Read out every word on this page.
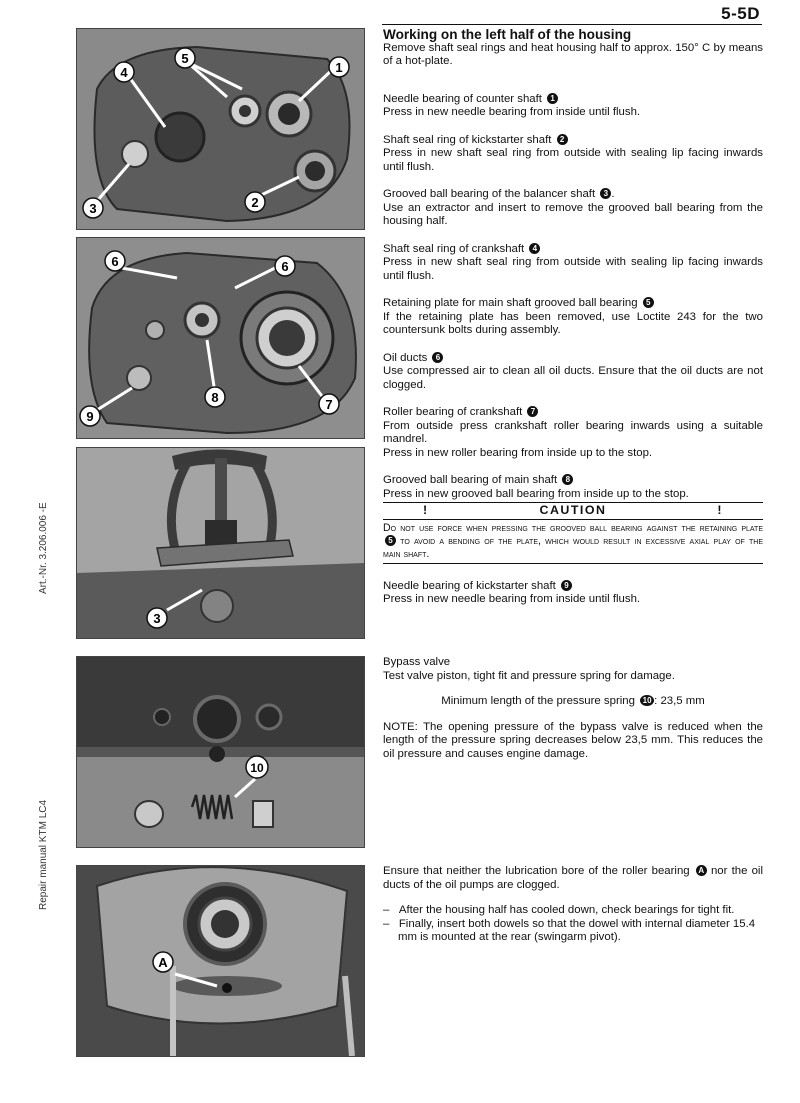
5-5D
Art.-Nr. 3.206.006 -E
Repair manual KTM LC4
1
2
3
4
5
6	6
7
8
9
3
10
A

Working on the left half of the housing

Remove shaft seal rings and heat housing half to approx. 150° C by means of a hot-plate.

Needle bearing of counter shaft 1

Press in new needle bearing from inside until flush.

Shaft seal ring of kickstarter shaft 2

Press in new shaft seal ring from outside with sealing lip facing inwards until flush.

Grooved ball bearing of the balancer shaft 3 .

Use an extractor and insert to remove the grooved ball bearing from the housing half.

Shaft seal ring of crankshaft 4

Press in new shaft seal ring from outside with sealing lip facing inwards until flush.

Retaining plate for main shaft grooved ball bearing 5

If the retaining plate has been removed, use Loctite 243 for the two countersunk bolts during assembly.

Oil ducts 6

Use compressed air to clean all oil ducts. Ensure that the oil ducts are not clogged.

Roller bearing of crankshaft 7

From outside press crankshaft roller bearing inwards using a suitable mandrel.

Press in new roller bearing from inside up to the stop.

Grooved ball bearing of main shaft 8

Press in new grooved ball bearing from inside up to the stop.

!	CAUTION	!
Do not use force when pressing the grooved ball bearing against the retaining plate 5 to avoid a bending of the plate, which would result in excessive axial play of the main shaft.

Needle bearing of kickstarter shaft 9

Press in new needle bearing from inside until flush.

Bypass valve

Test valve piston, tight fit and pressure spring for damage.

Minimum length of the pressure spring 10 : 23,5 mm

NOTE: The opening pressure of the bypass valve is reduced when the length of the pressure spring decreases below 23,5 mm. This reduces the oil pressure and causes engine damage.

Ensure that neither the lubrication bore of the roller bearing A nor the oil ducts of the oil pumps are clogged.

– After the housing half has cooled down, check bearings for tight fit.

– Finally, insert both dowels so that the dowel with internal diameter 15.4 mm is mounted at the rear (swingarm pivot).
